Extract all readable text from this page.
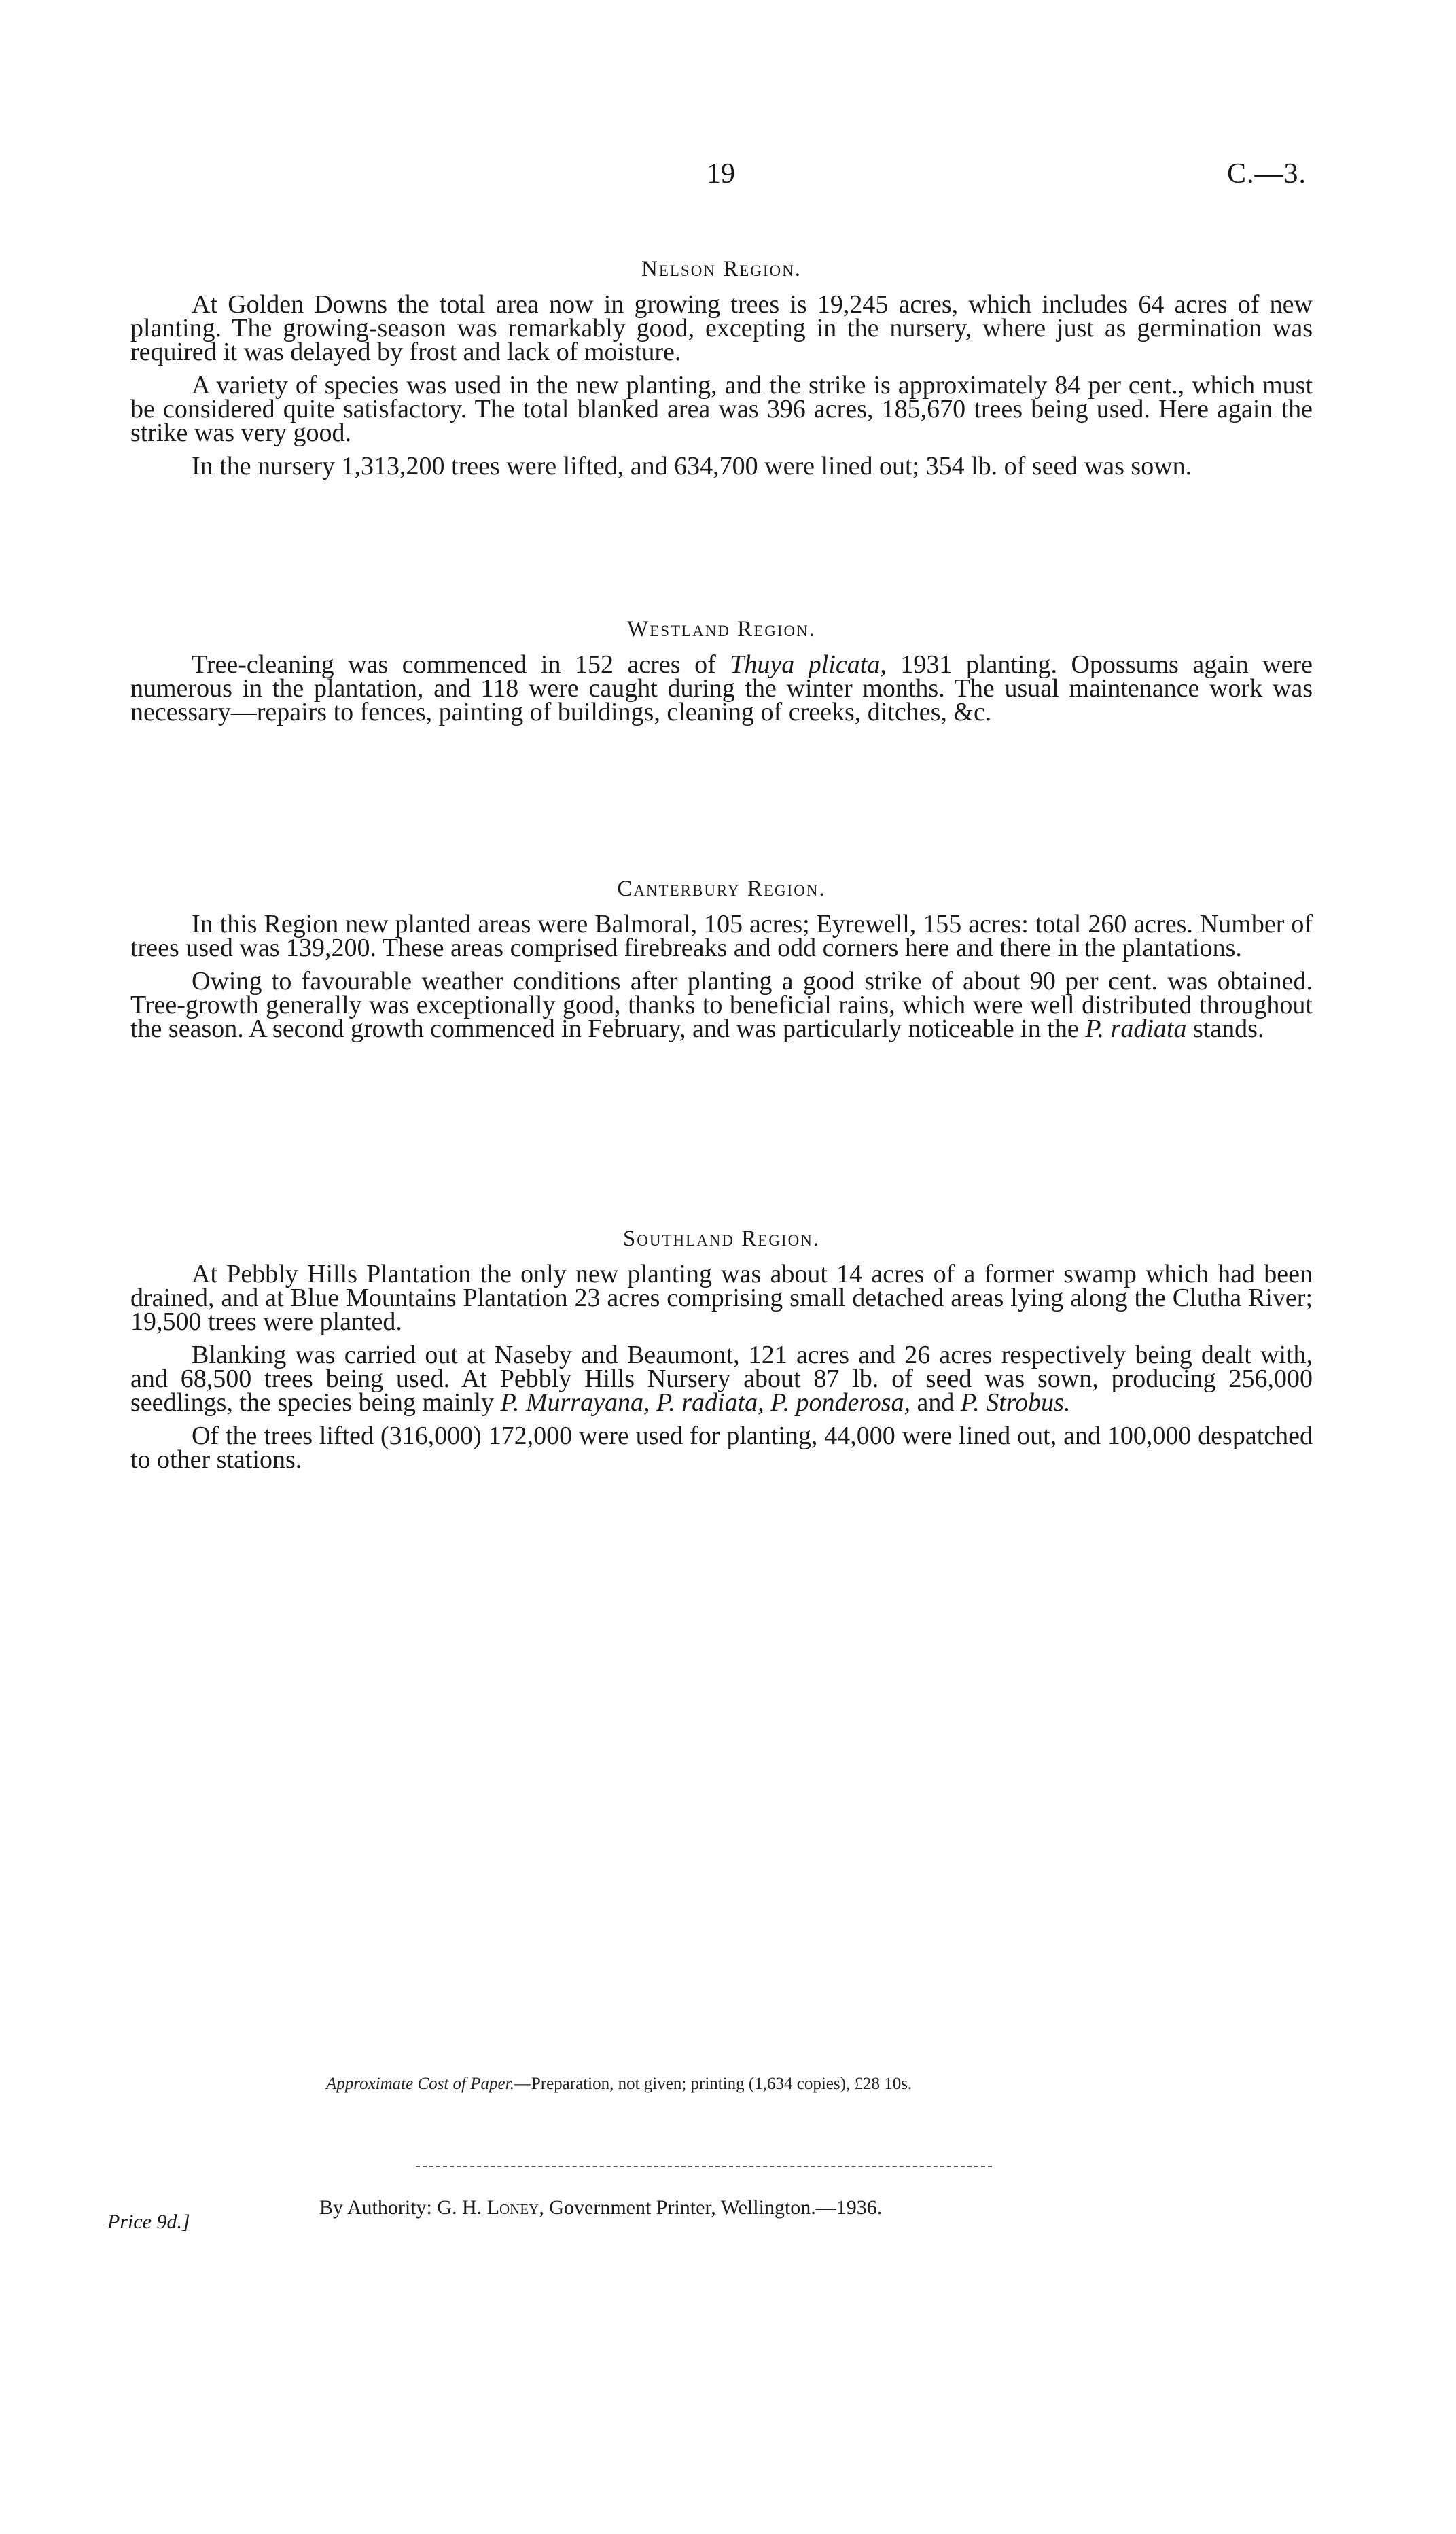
19	C.—3.
Nelson Region.

At Golden Downs the total area now in growing trees is 19,245 acres, which includes 64 acres of new planting. The growing-season was remarkably good, excepting in the nursery, where just as germination was required it was delayed by frost and lack of moisture.

A variety of species was used in the new planting, and the strike is approximately 84 per cent., which must be considered quite satisfactory. The total blanked area was 396 acres, 185,670 trees being used. Here again the strike was very good.

In the nursery 1,313,200 trees were lifted, and 634,700 were lined out; 354 lb. of seed was sown.

Westland Region.

Tree-cleaning was commenced in 152 acres of Thuya plicata, 1931 planting. Opossums again were numerous in the plantation, and 118 were caught during the winter months. The usual maintenance work was necessary—repairs to fences, painting of buildings, cleaning of creeks, ditches, &c.

Canterbury Region.

In this Region new planted areas were Balmoral, 105 acres; Eyrewell, 155 acres: total 260 acres. Number of trees used was 139,200. These areas comprised firebreaks and odd corners here and there in the plantations.

Owing to favourable weather conditions after planting a good strike of about 90 per cent. was obtained. Tree-growth generally was exceptionally good, thanks to beneficial rains, which were well distributed throughout the season. A second growth commenced in February, and was particularly noticeable in the P. radiata stands.

Southland Region.

At Pebbly Hills Plantation the only new planting was about 14 acres of a former swamp which had been drained, and at Blue Mountains Plantation 23 acres comprising small detached areas lying along the Clutha River; 19,500 trees were planted.

Blanking was carried out at Naseby and Beaumont, 121 acres and 26 acres respectively being dealt with, and 68,500 trees being used. At Pebbly Hills Nursery about 87 lb. of seed was sown, producing 256,000 seedlings, the species being mainly P. Murrayana, P. radiata, P. ponderosa, and P. Strobus.

Of the trees lifted (316,000) 172,000 were used for planting, 44,000 were lined out, and 100,000 despatched to other stations.

Approximate Cost of Paper.—Preparation, not given; printing (1,634 copies), £28 10s.
Price 9d.]
By Authority: G. H. Loney, Government Printer, Wellington.—1936.
